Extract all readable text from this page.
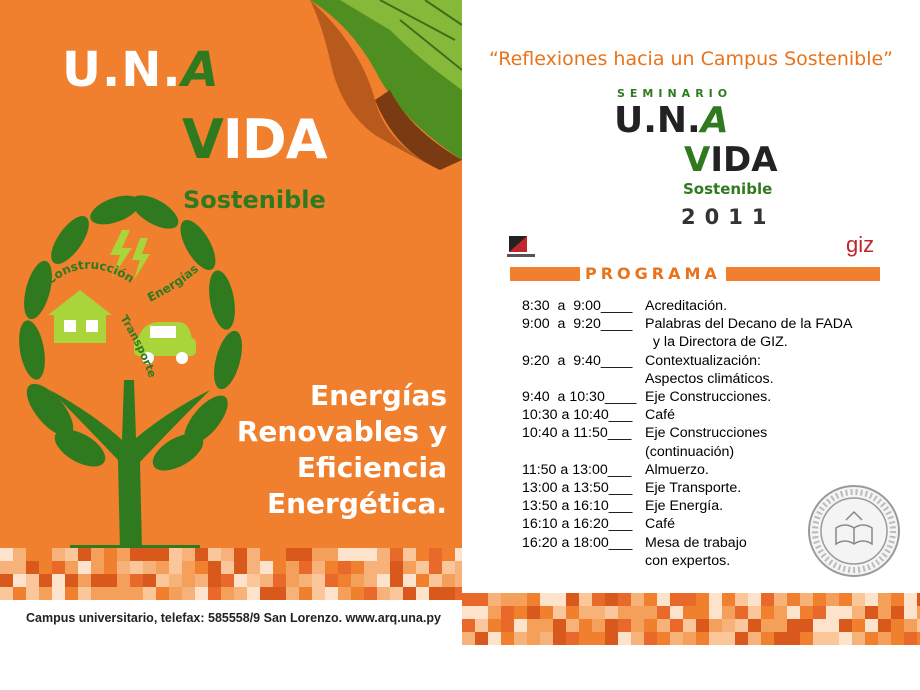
U.N.A
VIDA
Sostenible
Construcción
Energías
Transporte
Energías
Renovables y
Eficiencia
Energética.
Campus universitario, telefax: 585558/9 San Lorenzo. www.arq.una.py
“Reflexiones hacia un Campus Sostenible”
SEMINARIO
U.N.A
VIDA
Sostenible
2011
giz
PROGRAMA
8:30  a  9:00____ Acreditación.
9:00  a  9:20____ Palabras del Decano de la FADA
y la Directora de GIZ.
9:20  a  9:40____ Contextualización:
Aspectos climáticos.
9:40  a 10:30____ Eje Construcciones.
10:30 a 10:40___ Café
10:40 a 11:50___ Eje Construcciones
(continuación)
11:50 a 13:00___ Almuerzo.
13:00 a 13:50___ Eje Transporte.
13:50 a 16:10___ Eje Energía.
16:10 a 16:20___ Café
16:20 a 18:00___ Mesa de trabajo
con expertos.
